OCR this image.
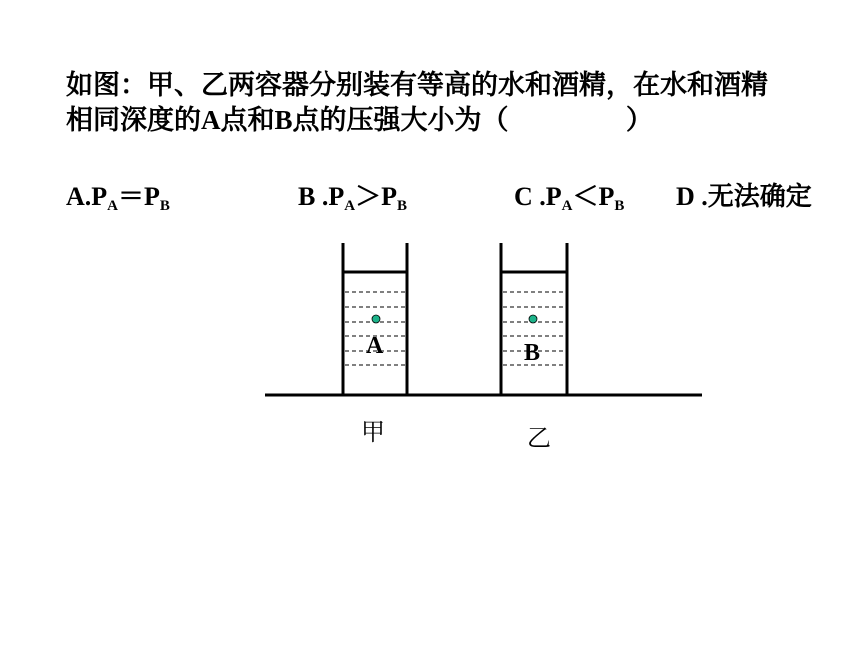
如图：甲、乙两容器分别装有等高的水和酒精，在水和酒精
相同深度的A点和B点的压强大小为（　　　　 ）
$A.P_A=P_B$	B $.P_A>P_B$	C $.P_A<P_B$ D .无法确定
A	B
甲	乙
